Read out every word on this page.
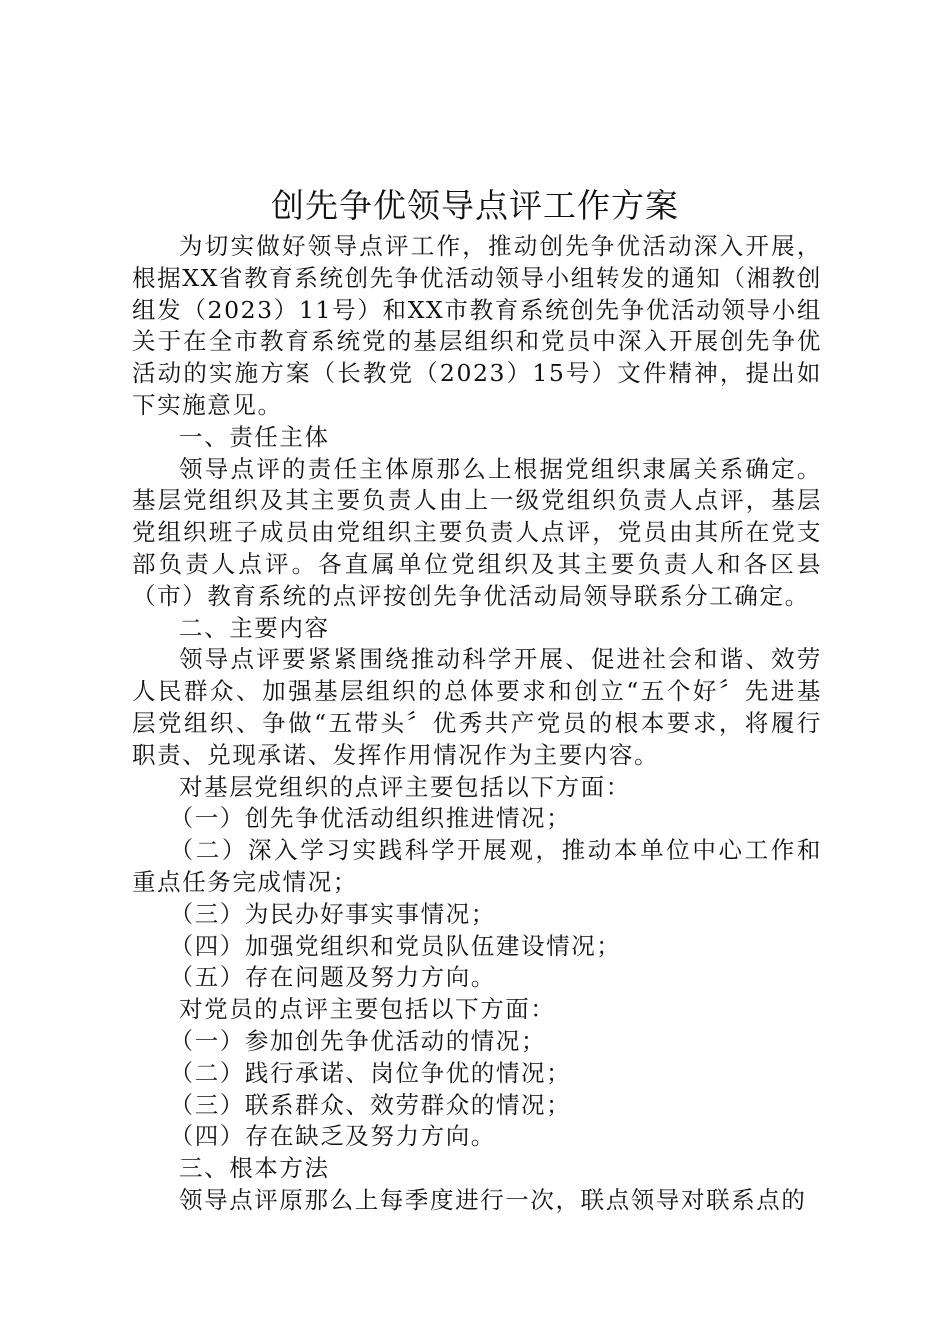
创先争优领导点评工作方案

为切实做好领导点评工作，推动创先争优活动深入开展，根据XX省教育系统创先争优活动领导小组转发的通知（湘教创组发（2023）11号）和XX市教育系统创先争优活动领导小组关于在全市教育系统党的基层组织和党员中深入开展创先争优活动的实施方案（长教党（2023）15号）文件精神，提出如下实施意见。

一、责任主体

领导点评的责任主体原那么上根据党组织隶属关系确定。基层党组织及其主要负责人由上一级党组织负责人点评，基层党组织班子成员由党组织主要负责人点评，党员由其所在党支部负责人点评。各直属单位党组织及其主要负责人和各区县（市）教育系统的点评按创先争优活动局领导联系分工确定。

二、主要内容

领导点评要紧紧围绕推动科学开展、促进社会和谐、效劳人民群众、加强基层组织的总体要求和创立“五个好〞先进基层党组织、争做“五带头〞优秀共产党员的根本要求，将履行职责、兑现承诺、发挥作用情况作为主要内容。

对基层党组织的点评主要包括以下方面：

（一）创先争优活动组织推进情况；

（二）深入学习实践科学开展观，推动本单位中心工作和重点任务完成情况；

（三）为民办好事实事情况；

（四）加强党组织和党员队伍建设情况；

（五）存在问题及努力方向。

对党员的点评主要包括以下方面：

（一）参加创先争优活动的情况；

（二）践行承诺、岗位争优的情况；

（三）联系群众、效劳群众的情况；

（四）存在缺乏及努力方向。

三、根本方法

领导点评原那么上每季度进行一次，联点领导对联系点的
